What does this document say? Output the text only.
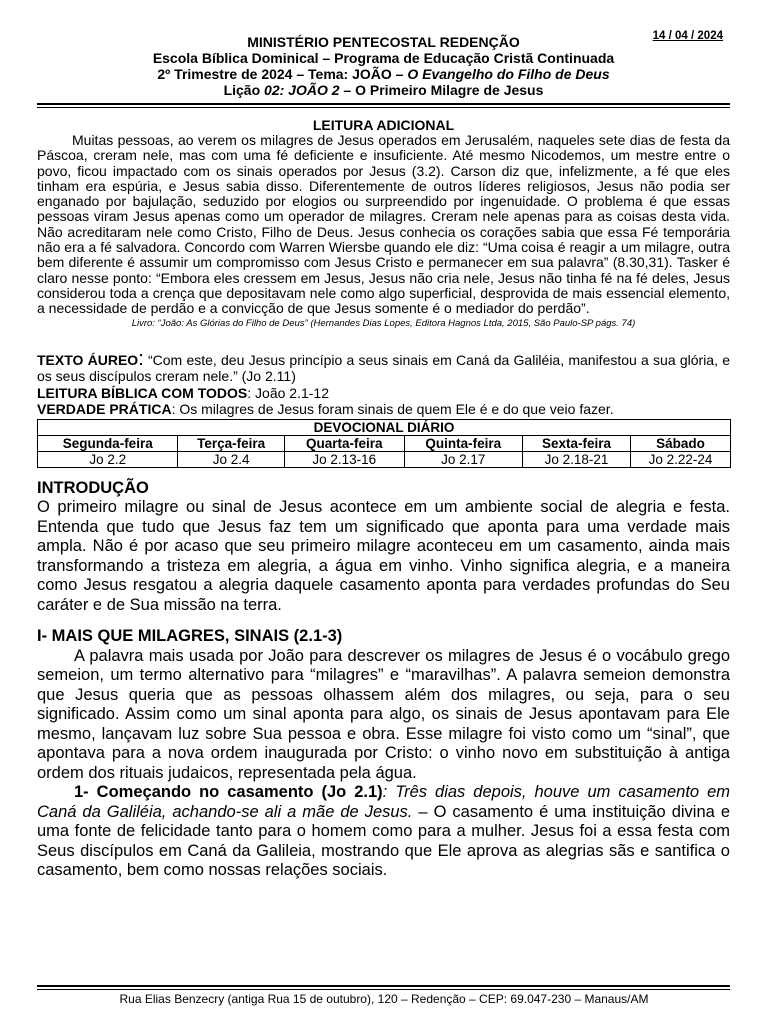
14 / 04 / 2024
MINISTÉRIO PENTECOSTAL REDENÇÃO
Escola Bíblica Dominical – Programa de Educação Cristã Continuada
2º Trimestre de 2024 – Tema: JOÃO – O Evangelho do Filho de Deus
Lição 02: JOÃO 2 – O Primeiro Milagre de Jesus
LEITURA ADICIONAL

Muitas pessoas, ao verem os milagres de Jesus operados em Jerusalém, naqueles sete dias de festa da Páscoa, creram nele, mas com uma fé deficiente e insuficiente. Até mesmo Nicodemos, um mestre entre o povo, ficou impactado com os sinais operados por Jesus (3.2). Carson diz que, infelizmente, a fé que eles tinham era espúria, e Jesus sabia disso. Diferentemente de outros líderes religiosos, Jesus não podia ser enganado por bajulação, seduzido por elogios ou surpreendido por ingenuidade. O problema é que essas pessoas viram Jesus apenas como um operador de milagres. Creram nele apenas para as coisas desta vida. Não acreditaram nele como Cristo, Filho de Deus. Jesus conhecia os corações sabia que essa Fé temporária não era a fé salvadora. Concordo com Warren Wiersbe quando ele diz: “Uma coisa é reagir a um milagre, outra bem diferente é assumir um compromisso com Jesus Cristo e permanecer em sua palavra” (8.30,31). Tasker é claro nesse ponto: “Embora eles cressem em Jesus, Jesus não cria nele, Jesus não tinha fé na fé deles, Jesus considerou toda a crença que depositavam nele como algo superficial, desprovida de mais essencial elemento, a necessidade de perdão e a convicção de que Jesus somente é o mediador do perdão”.

Livro: “João: As Glórias do Filho de Deus” (Hernandes Dias Lopes, Editora Hagnos Ltda, 2015, São Paulo-SP págs. 74)

TEXTO ÁUREO: “Com este, deu Jesus princípio a seus sinais em Caná da Galiléia, manifestou a sua glória, e os seus discípulos creram nele.” (Jo 2.11)

LEITURA BÍBLICA COM TODOS: João 2.1-12

VERDADE PRÁTICA: Os milagres de Jesus foram sinais de quem Ele é e do que veio fazer.

DEVOCIONAL DIÁRIO					
Segunda-feira	Terça-feira	Quarta-feira	Quinta-feira	Sexta-feira	Sábado
Jo 2.2	Jo 2.4	Jo 2.13-16	Jo 2.17	Jo 2.18-21	Jo 2.22-24
INTRODUÇÃO

O primeiro milagre ou sinal de Jesus acontece em um ambiente social de alegria e festa. Entenda que tudo que Jesus faz tem um significado que aponta para uma verdade mais ampla. Não é por acaso que seu primeiro milagre aconteceu em um casamento, ainda mais transformando a tristeza em alegria, a água em vinho. Vinho significa alegria, e a maneira como Jesus resgatou a alegria daquele casamento aponta para verdades profundas do Seu caráter e de Sua missão na terra.

I- MAIS QUE MILAGRES, SINAIS (2.1-3)

A palavra mais usada por João para descrever os milagres de Jesus é o vocábulo grego semeion, um termo alternativo para “milagres” e “maravilhas”. A palavra semeion demonstra que Jesus queria que as pessoas olhassem além dos milagres, ou seja, para o seu significado. Assim como um sinal aponta para algo, os sinais de Jesus apontavam para Ele mesmo, lançavam luz sobre Sua pessoa e obra. Esse milagre foi visto como um “sinal”, que apontava para a nova ordem inaugurada por Cristo: o vinho novo em substituição à antiga ordem dos rituais judaicos, representada pela água.

1- Começando no casamento (Jo 2.1): Três dias depois, houve um casamento em Caná da Galiléia, achando-se ali a mãe de Jesus. – O casamento é uma instituição divina e uma fonte de felicidade tanto para o homem como para a mulher. Jesus foi a essa festa com Seus discípulos em Caná da Galileia, mostrando que Ele aprova as alegrias sãs e santifica o casamento, bem como nossas relações sociais.

Rua Elias Benzecry (antiga Rua 15 de outubro), 120 – Redenção – CEP: 69.047-230 – Manaus/AM
